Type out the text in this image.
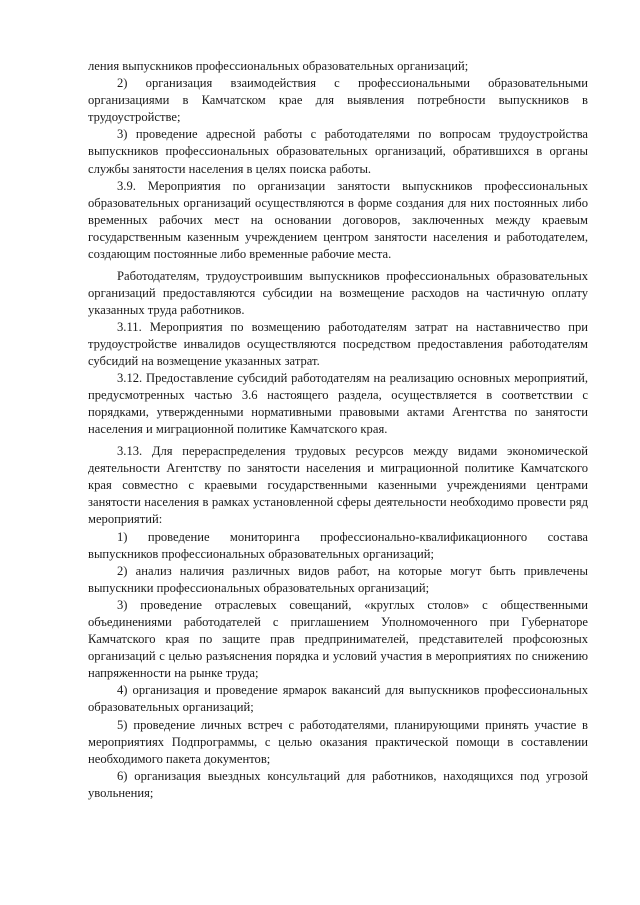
ления выпускников профессиональных образовательных организаций;

2) организация взаимодействия с профессиональными образовательными организациями в Камчатском крае для выявления потребности выпускников в трудоустройстве;

3) проведение адресной работы с работодателями по вопросам трудоустройства выпускников профессиональных образовательных организаций, обратившихся в органы службы занятости населения в целях поиска работы.

3.9. Мероприятия по организации занятости выпускников профессиональных образовательных организаций осуществляются в форме создания для них постоянных либо временных рабочих мест на основании договоров, заключенных между краевым государственным казенным учреждением центром занятости населения и работодателем, создающим постоянные либо временные рабочие места.

Работодателям, трудоустроившим выпускников профессиональных образовательных организаций предоставляются субсидии на возмещение расходов на частичную оплату указанных труда работников.

3.11. Мероприятия по возмещению работодателям затрат на наставничество при трудоустройстве инвалидов осуществляются посредством предоставления работодателям субсидий на возмещение указанных затрат.

3.12. Предоставление субсидий работодателям на реализацию основных мероприятий, предусмотренных частью 3.6 настоящего раздела, осуществляется в соответствии с порядками, утвержденными нормативными правовыми актами Агентства по занятости населения и миграционной политике Камчатского края.

3.13. Для перераспределения трудовых ресурсов между видами экономической деятельности Агентству по занятости населения и миграционной политике Камчатского края совместно с краевыми государственными казенными учреждениями центрами занятости населения в рамках установленной сферы деятельности необходимо провести ряд мероприятий:

1) проведение мониторинга профессионально-квалификационного состава выпускников профессиональных образовательных организаций;

2) анализ наличия различных видов работ, на которые могут быть привлечены выпускники профессиональных образовательных организаций;

3) проведение отраслевых совещаний, «круглых столов» с общественными объединениями работодателей с приглашением Уполномоченного при Губернаторе Камчатского края по защите прав предпринимателей, представителей профсоюзных организаций с целью разъяснения порядка и условий участия в мероприятиях по снижению напряженности на рынке труда;

4) организация и проведение ярмарок вакансий для выпускников профессиональных образовательных организаций;

5) проведение личных встреч с работодателями, планирующими принять участие в мероприятиях Подпрограммы, с целью оказания практической помощи в составлении необходимого пакета документов;

6) организация выездных консультаций для работников, находящихся под угрозой увольнения;
